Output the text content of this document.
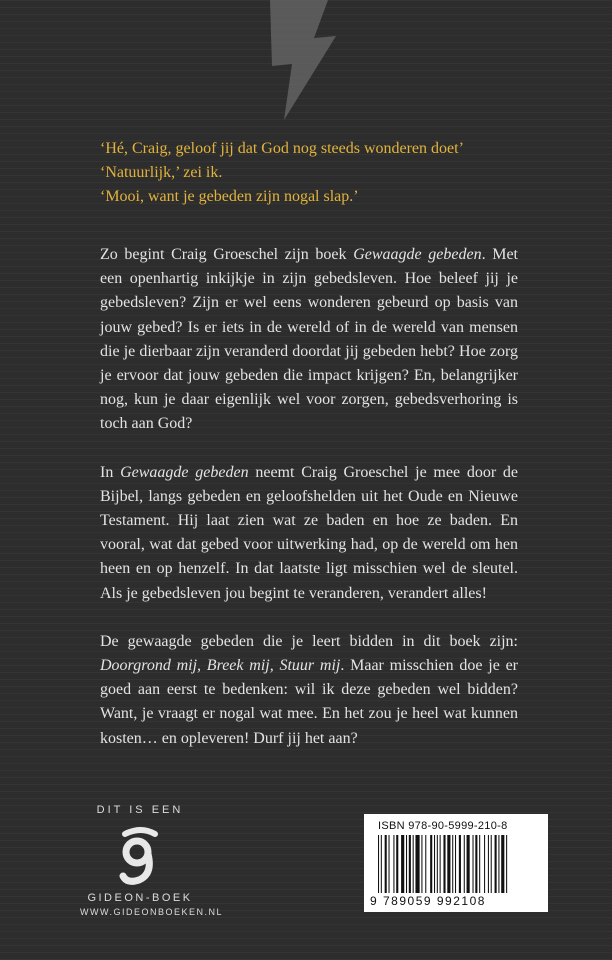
‘Hé, Craig, geloof jij dat God nog steeds wonderen doet’

‘Natuurlijk,’ zei ik.

‘Mooi, want je gebeden zijn nogal slap.’

Zo begint Craig Groeschel zijn boek Gewaagde gebeden. Met een openhartig inkijkje in zijn gebedsleven. Hoe beleef jij je gebedsleven? Zijn er wel eens wonderen gebeurd op basis van jouw gebed? Is er iets in de wereld of in de wereld van mensen die je dierbaar zijn veranderd doordat jij gebeden hebt? Hoe zorg je ervoor dat jouw gebeden die impact krijgen? En, belangrijker nog, kun je daar eigenlijk wel voor zorgen, gebedsverhoring is toch aan God?

In Gewaagde gebeden neemt Craig Groeschel je mee door de Bijbel, langs gebeden en geloofshelden uit het Oude en Nieuwe Testament. Hij laat zien wat ze baden en hoe ze baden. En vooral, wat dat gebed voor uitwerking had, op de wereld om hen heen en op henzelf. In dat laatste ligt misschien wel de sleutel. Als je gebedsleven jou begint te veranderen, verandert alles!

De gewaagde gebeden die je leert bidden in dit boek zijn: Doorgrond mij, Breek mij, Stuur mij. Maar misschien doe je er goed aan eerst te bedenken: wil ik deze gebeden wel bidden? Want, je vraagt er nogal wat mee. En het zou je heel wat kunnen kosten… en opleveren! Durf jij het aan?

DIT IS EEN
GIDEON-BOEK
WWW.GIDEONBOEKEN.NL
ISBN 978-90-5999-210-8
9 789059 992108
